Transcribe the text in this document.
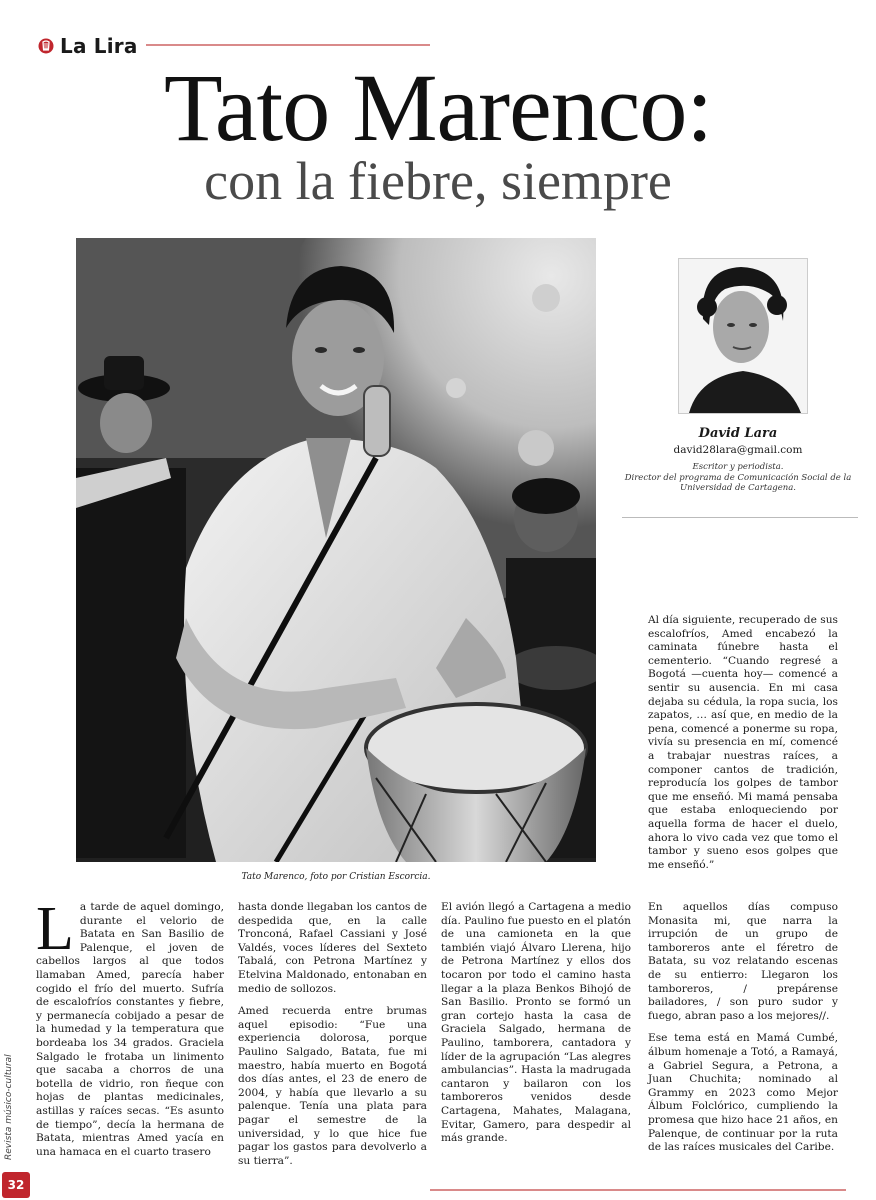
La Lira
Tato Marenco:
con la fiebre, siempre
Tato Marenco, foto por Cristian Escorcia.
David Lara
david28lara@gmail.com
Escritor y periodista.
Director del programa de Comunicación Social de la Universidad de Cartagena.

La tarde de aquel domingo, durante el velorio de Batata en San Basilio de Palenque, el joven de cabellos largos al que todos llamaban Amed, parecía haber cogido el frío del muerto. Sufría de escalofríos constantes y fiebre, y permanecía cobijado a pesar de la humedad y la temperatura que bordeaba los 34 grados. Graciela Salgado le frotaba un linimento que sacaba a chorros de una botella de vidrio, ron ñeque con hojas de plantas medicinales, astillas y raíces secas. “Es asunto de tiempo”, decía la hermana de Batata, mientras Amed yacía en una hamaca en el cuarto trasero

hasta donde llegaban los cantos de despedida que, en la calle Tronconá, Rafael Cassiani y José Valdés, voces líderes del Sexteto Tabalá, con Petrona Martínez y Etelvina Maldonado, entonaban en medio de sollozos.

Amed recuerda entre brumas aquel episodio: “Fue una experiencia dolorosa, porque Paulino Salgado, Batata, fue mi maestro, había muerto en Bogotá dos días antes, el 23 de enero de 2004, y había que llevarlo a su palenque. Tenía una plata para pagar el semestre de la universidad, y lo que hice fue pagar los gastos para devolverlo a su tierra”.

El avión llegó a Cartagena a medio día. Paulino fue puesto en el platón de una camioneta en la que también viajó Álvaro Llerena, hijo de Petrona Martínez y ellos dos tocaron por todo el camino hasta llegar a la plaza Benkos Bihojó de San Basilio. Pronto se formó un gran cortejo hasta la casa de Graciela Salgado, hermana de Paulino, tamborera, cantadora y líder de la agrupación “Las alegres ambulancias”. Hasta la madrugada cantaron y bailaron con los tamboreros venidos desde Cartagena, Mahates, Malagana, Evitar, Gamero, para despedir al más grande.

Al día siguiente, recuperado de sus escalofríos, Amed encabezó la caminata fúnebre hasta el cementerio. “Cuando regresé a Bogotá —cuenta hoy— comencé a sentir su ausencia. En mi casa dejaba su cédula, la ropa sucia, los zapatos, … así que, en medio de la pena, comencé a ponerme su ropa, vivía su presencia en mí, comencé a trabajar nuestras raíces, a componer cantos de tradición, reproducía los golpes de tambor que me enseñó. Mi mamá pensaba que estaba enloqueciendo por aquella forma de hacer el duelo, ahora lo vivo cada vez que tomo el tambor y sueno esos golpes que me enseñó.”

En aquellos días compuso Monasita mi, que narra la irrupción de un grupo de tamboreros ante el féretro de Batata, su voz relatando escenas de su entierro: Llegaron los tamboreros, / prepárense bailadores, / son puro sudor y fuego, abran paso a los mejores//.

Ese tema está en Mamá Cumbé, álbum homenaje a Totó, a Ramayá, a Gabriel Segura, a Petrona, a Juan Chuchita; nominado al Grammy en 2023 como Mejor Álbum Folclórico, cumpliendo la promesa que hizo hace 21 años, en Palenque, de continuar por la ruta de las raíces musicales del Caribe.

Revista músico-cultural
32
